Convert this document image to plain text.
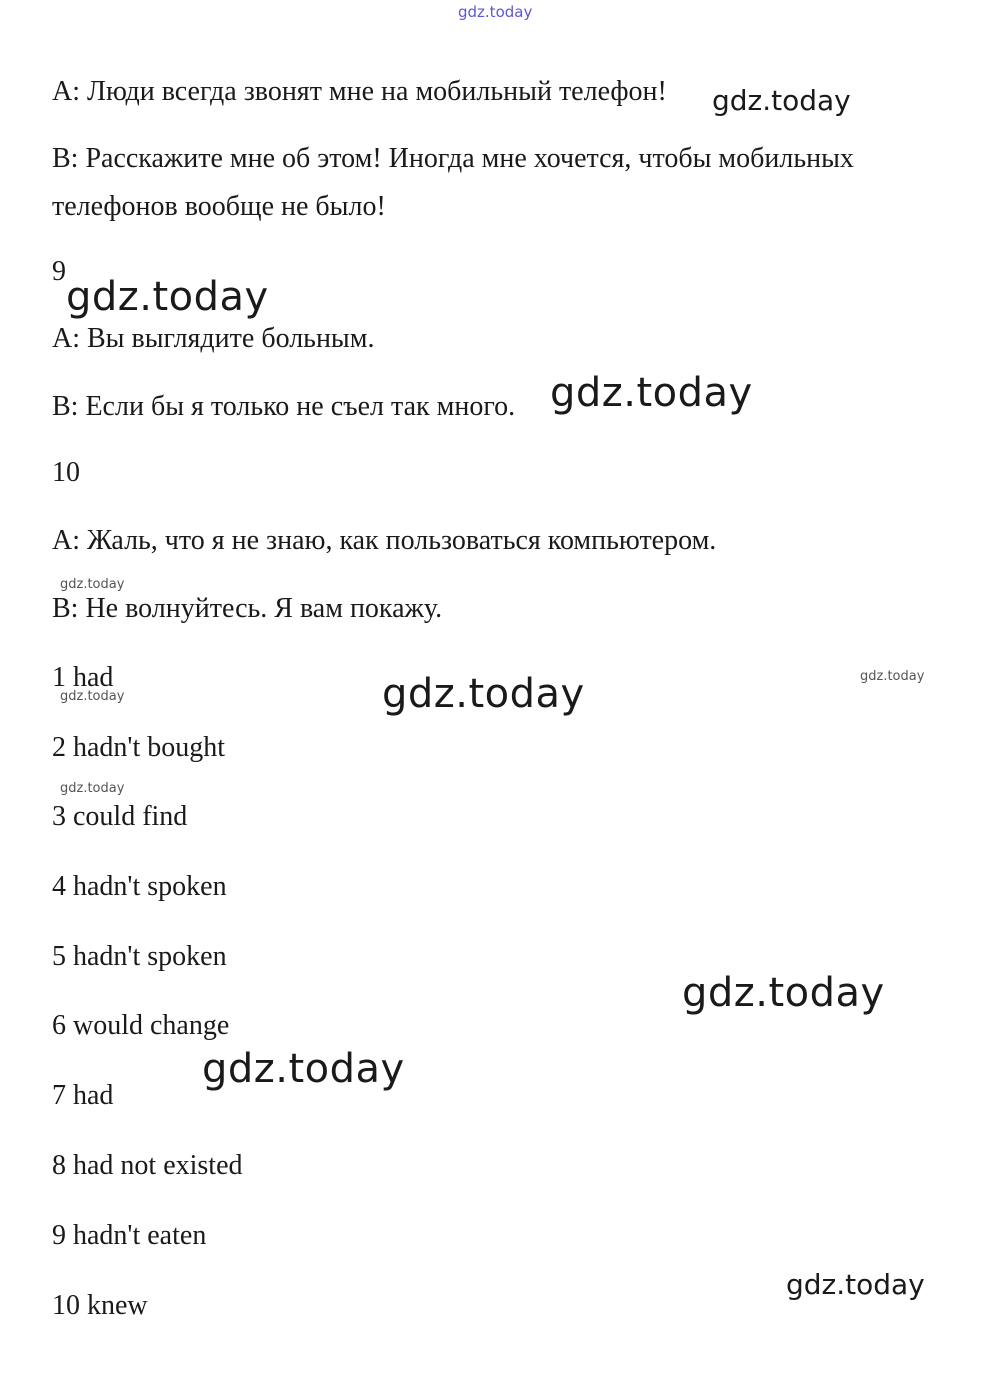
A: Люди всегда звонят мне на мобильный телефон!
B: Расскажите мне об этом! Иногда мне хочется, чтобы мобильных
телефонов вообще не было!
9
A: Вы выглядите больным.
B: Если бы я только не съел так много.
10
A: Жаль, что я не знаю, как пользоваться компьютером.
B: Не волнуйтесь. Я вам покажу.
1 had
2 hadn't bought
3 could find
4 hadn't spoken
5 hadn't spoken
6 would change
7 had
8 had not existed
9 hadn't eaten
10 knew
gdz.today
gdz.today
gdz.today
gdz.today
gdz.today
gdz.today	gdz.today
gdz.today
gdz.today
gdz.today
gdz.today
gdz.today
